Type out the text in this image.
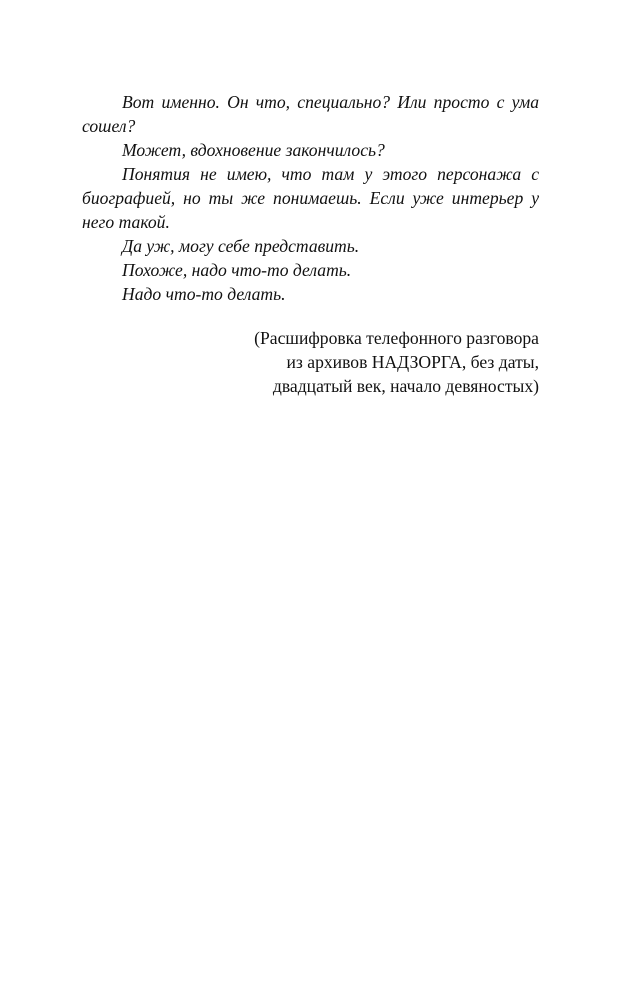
Вот именно. Он что, специально? Или просто с ума сошел?

Может, вдохновение закончилось?

Понятия не имею, что там у этого персонажа с биографией, но ты же понимаешь. Если уже интерьер у него такой.

Да уж, могу себе представить.

Похоже, надо что-то делать.

Надо что-то делать.

(Расшифровка телефонного разговора
из архивов НАДЗОРГА, без даты,
двадцатый век, начало девяностых)
